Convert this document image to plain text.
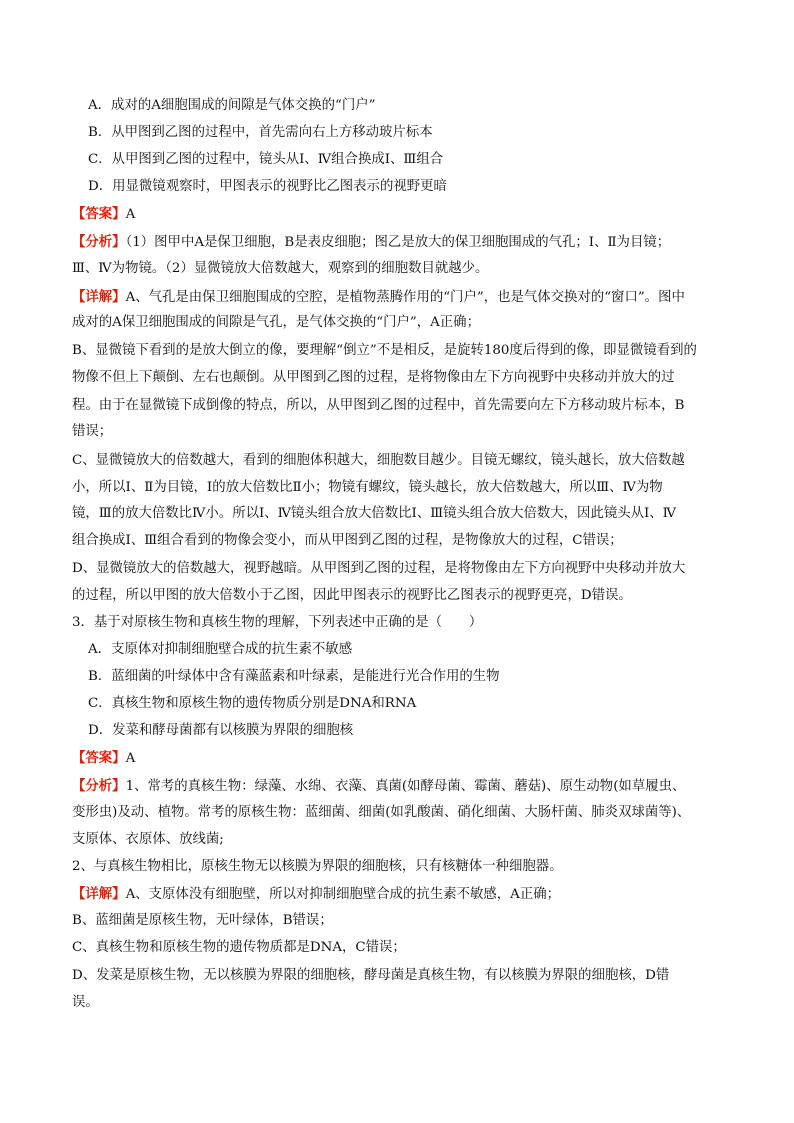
A．成对的A细胞围成的间隙是气体交换的“门户”
B．从甲图到乙图的过程中，首先需向右上方移动玻片标本
C．从甲图到乙图的过程中，镜头从Ⅰ、Ⅳ组合换成Ⅰ、Ⅲ组合
D．用显微镜观察时，甲图表示的视野比乙图表示的视野更暗
【答案】A
【分析】（1）图甲中A是保卫细胞，B是表皮细胞；图乙是放大的保卫细胞围成的气孔；Ⅰ、Ⅱ为目镜；
Ⅲ、Ⅳ为物镜。（2）显微镜放大倍数越大，观察到的细胞数目就越少。
【详解】A、气孔是由保卫细胞围成的空腔，是植物蒸腾作用的“门户”，也是气体交换对的“窗口”。图中
成对的A保卫细胞围成的间隙是气孔，是气体交换的“门户”，A正确；
B、显微镜下看到的是放大倒立的像，要理解“倒立”不是相反，是旋转180度后得到的像，即显微镜看到的
物像不但上下颠倒、左右也颠倒。从甲图到乙图的过程，是将物像由左下方向视野中央移动并放大的过
程。由于在显微镜下成倒像的特点，所以，从甲图到乙图的过程中，首先需要向左下方移动玻片标本，B
错误；
C、显微镜放大的倍数越大，看到的细胞体积越大，细胞数目越少。目镜无螺纹，镜头越长，放大倍数越
小，所以Ⅰ、Ⅱ为目镜，Ⅰ的放大倍数比Ⅱ小；物镜有螺纹，镜头越长，放大倍数越大，所以Ⅲ、Ⅳ为物
镜，Ⅲ的放大倍数比Ⅳ小。所以Ⅰ、Ⅳ镜头组合放大倍数比Ⅰ、Ⅲ镜头组合放大倍数大，因此镜头从Ⅰ、Ⅳ
组合换成Ⅰ、Ⅲ组合看到的物像会变小，而从甲图到乙图的过程，是物像放大的过程，C错误；
D、显微镜放大的倍数越大，视野越暗。从甲图到乙图的过程，是将物像由左下方向视野中央移动并放大
的过程，所以甲图的放大倍数小于乙图，因此甲图表示的视野比乙图表示的视野更亮，D错误。
3．基于对原核生物和真核生物的理解，下列表述中正确的是（　　）
A．支原体对抑制细胞壁合成的抗生素不敏感
B．蓝细菌的叶绿体中含有藻蓝素和叶绿素，是能进行光合作用的生物
C．真核生物和原核生物的遗传物质分别是DNA和RNA
D．发菜和酵母菌都有以核膜为界限的细胞核
【答案】A
【分析】1、常考的真核生物：绿藻、水绵、衣藻、真菌(如酵母菌、霉菌、蘑菇)、原生动物(如草履虫、
变形虫)及动、植物。常考的原核生物：蓝细菌、细菌(如乳酸菌、硝化细菌、大肠杆菌、肺炎双球菌等)、
支原体、衣原体、放线菌;
2、与真核生物相比，原核生物无以核膜为界限的细胞核，只有核糖体一种细胞器。
【详解】A、支原体没有细胞壁，所以对抑制细胞壁合成的抗生素不敏感，A正确；
B、蓝细菌是原核生物，无叶绿体，B错误；
C、真核生物和原核生物的遗传物质都是DNA，C错误；
D、发菜是原核生物，无以核膜为界限的细胞核，酵母菌是真核生物，有以核膜为界限的细胞核，D错
误。
